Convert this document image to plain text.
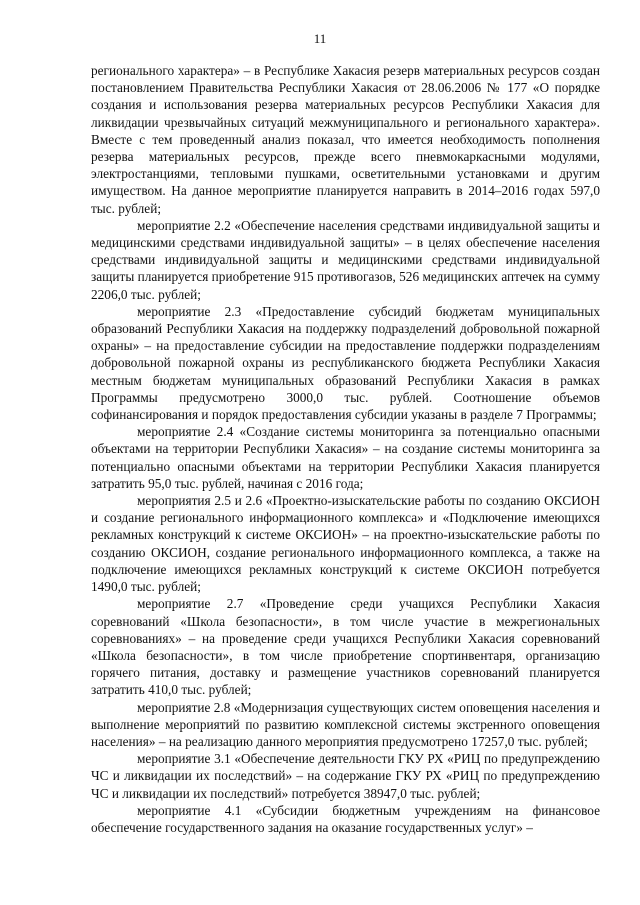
11

регионального характера» – в Республике Хакасия резерв материальных ресурсов создан постановлением Правительства Республики Хакасия от 28.06.2006 № 177 «О порядке создания и использования резерва материальных ресурсов Республики Хакасия для ликвидации чрезвычайных ситуаций межмуниципального и регионального характера». Вместе с тем проведенный анализ показал, что имеется необходимость пополнения резерва материальных ресурсов, прежде всего пневмокаркасными модулями, электростанциями, тепловыми пушками, осветительными установками и другим имуществом. На данное мероприятие планируется направить в 2014–2016 годах 597,0 тыс. рублей;

мероприятие 2.2 «Обеспечение населения средствами индивидуальной защиты и медицинскими средствами индивидуальной защиты» – в целях обеспечение населения средствами индивидуальной защиты и медицинскими средствами индивидуальной защиты планируется приобретение 915 противогазов, 526 медицинских аптечек на сумму 2206,0 тыс. рублей;

мероприятие 2.3 «Предоставление субсидий бюджетам муниципальных образований Республики Хакасия на поддержку подразделений добровольной пожарной охраны» – на предоставление субсидии на предоставление поддержки подразделениям добровольной пожарной охраны из республиканского бюджета Республики Хакасия местным бюджетам муниципальных образований Республики Хакасия в рамках Программы предусмотрено 3000,0 тыс. рублей. Соотношение объемов софинансирования и порядок предоставления субсидии указаны в разделе 7 Программы;

мероприятие 2.4 «Создание системы мониторинга за потенциально опасными объектами на территории Республики Хакасия» – на создание системы мониторинга за потенциально опасными объектами на территории Республики Хакасия планируется затратить 95,0 тыс. рублей, начиная с 2016 года;

мероприятия 2.5 и 2.6 «Проектно-изыскательские работы по созданию ОКСИОН и создание регионального информационного комплекса» и «Подключение имеющихся рекламных конструкций к системе ОКСИОН» – на проектно-изыскательские работы по созданию ОКСИОН, создание регионального информационного комплекса, а также на подключение имеющихся рекламных конструкций к системе ОКСИОН потребуется 1490,0 тыс. рублей;

мероприятие 2.7 «Проведение среди учащихся Республики Хакасия соревнований «Школа безопасности», в том числе участие в межрегиональных соревнованиях» – на проведение среди учащихся Республики Хакасия соревнований «Школа безопасности», в том числе приобретение спортинвентаря, организацию горячего питания, доставку и размещение участников соревнований планируется затратить 410,0 тыс. рублей;

мероприятие 2.8 «Модернизация существующих систем оповещения населения и выполнение мероприятий по развитию комплексной системы экстренного оповещения населения» – на реализацию данного мероприятия предусмотрено 17257,0 тыс. рублей;

мероприятие 3.1 «Обеспечение деятельности ГКУ РХ «РИЦ по предупреждению ЧС и ликвидации их последствий» – на содержание ГКУ РХ «РИЦ по предупреждению ЧС и ликвидации их последствий» потребуется 38947,0 тыс. рублей;

мероприятие 4.1 «Субсидии бюджетным учреждениям на финансовое обеспечение государственного задания на оказание государственных услуг» –
